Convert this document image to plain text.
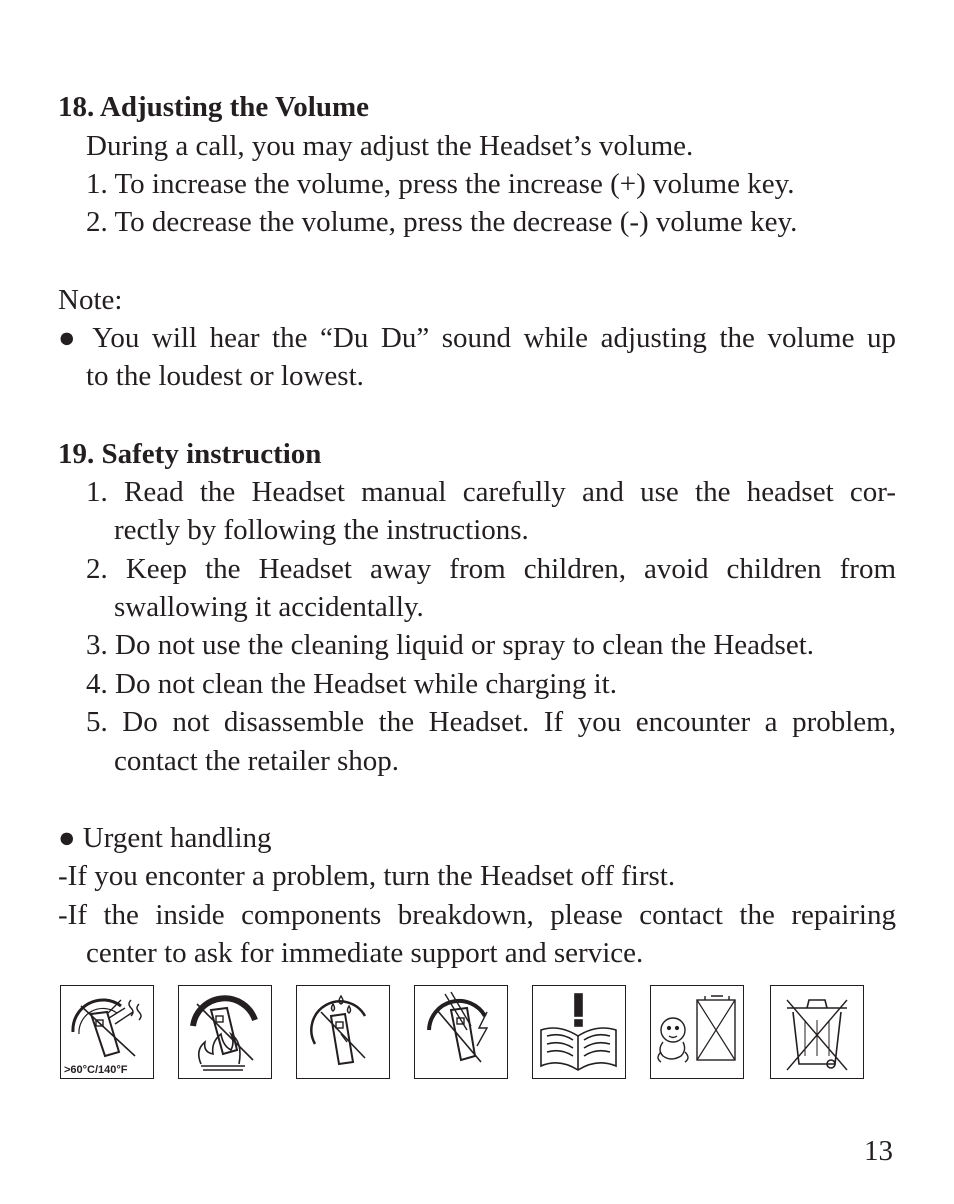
18. Adjusting the Volume
During a call, you may adjust the Headset’s volume.
1. To increase the volume, press the increase (+) volume key.
2. To decrease the volume, press the decrease (-) volume key.
Note:
● You will hear the “Du Du” sound while adjusting the volume up
to the loudest or lowest.
19. Safety instruction
1. Read the Headset manual carefully and use the headset cor-
rectly by following the instructions.
2. Keep the Headset away from children, avoid children from
swallowing it accidentally.
3. Do not use the cleaning liquid or spray to clean the Headset.
4. Do not clean the Headset while charging it.
5. Do not disassemble the Headset. If you encounter a problem,
contact the retailer shop.
● Urgent handling
-If you enconter a problem, turn the Headset off first.
-If the inside components breakdown, please contact the repairing
center to ask for immediate support and service.
>60°C/140°F
13
